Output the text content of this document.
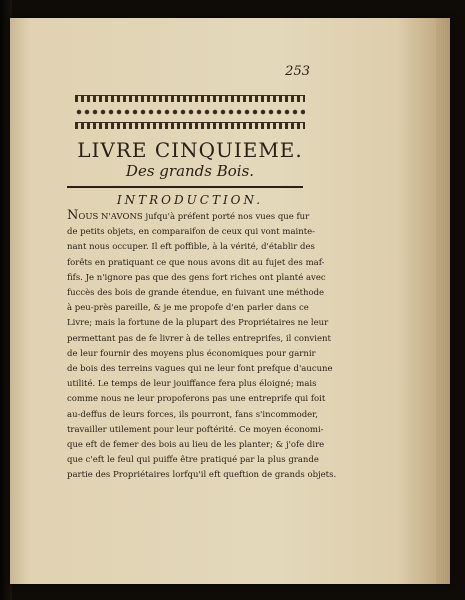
253
LIVRE CINQUIEME.
Des grands Bois.
INTRODUCTION.
NOUS N'AVONS jufqu'à préfent porté nos vues que fur
de petits objets, en comparaifon de ceux qui vont mainte-
nant nous occuper. Il eft poffible, à la vérité, d'établir des
forêts en pratiquant ce que nous avons dit au fujet des maf-
fifs. Je n'ignore pas que des gens fort riches ont planté avec
fuccès des bois de grande étendue, en fuivant une méthode
à peu-près pareille, & je me propofe d'en parler dans ce
Livre; mais la fortune de la plupart des Propriétaires ne leur
permettant pas de fe livrer à de telles entreprifes, il convient
de leur fournir des moyens plus économiques pour garnir
de bois des terreins vagues qui ne leur font prefque d'aucune
utilité. Le temps de leur jouiffance fera plus éloigné; mais
comme nous ne leur propoferons pas une entreprife qui foit
au-deffus de leurs forces, ils pourront, fans s'incommoder,
travailler utilement pour leur poftérité. Ce moyen économi-
que eft de femer des bois au lieu de les planter; & j'ofe dire
que c'eft le feul qui puiffe être pratiqué par la plus grande
partie des Propriétaires lorfqu'il eft queftion de grands objets.
